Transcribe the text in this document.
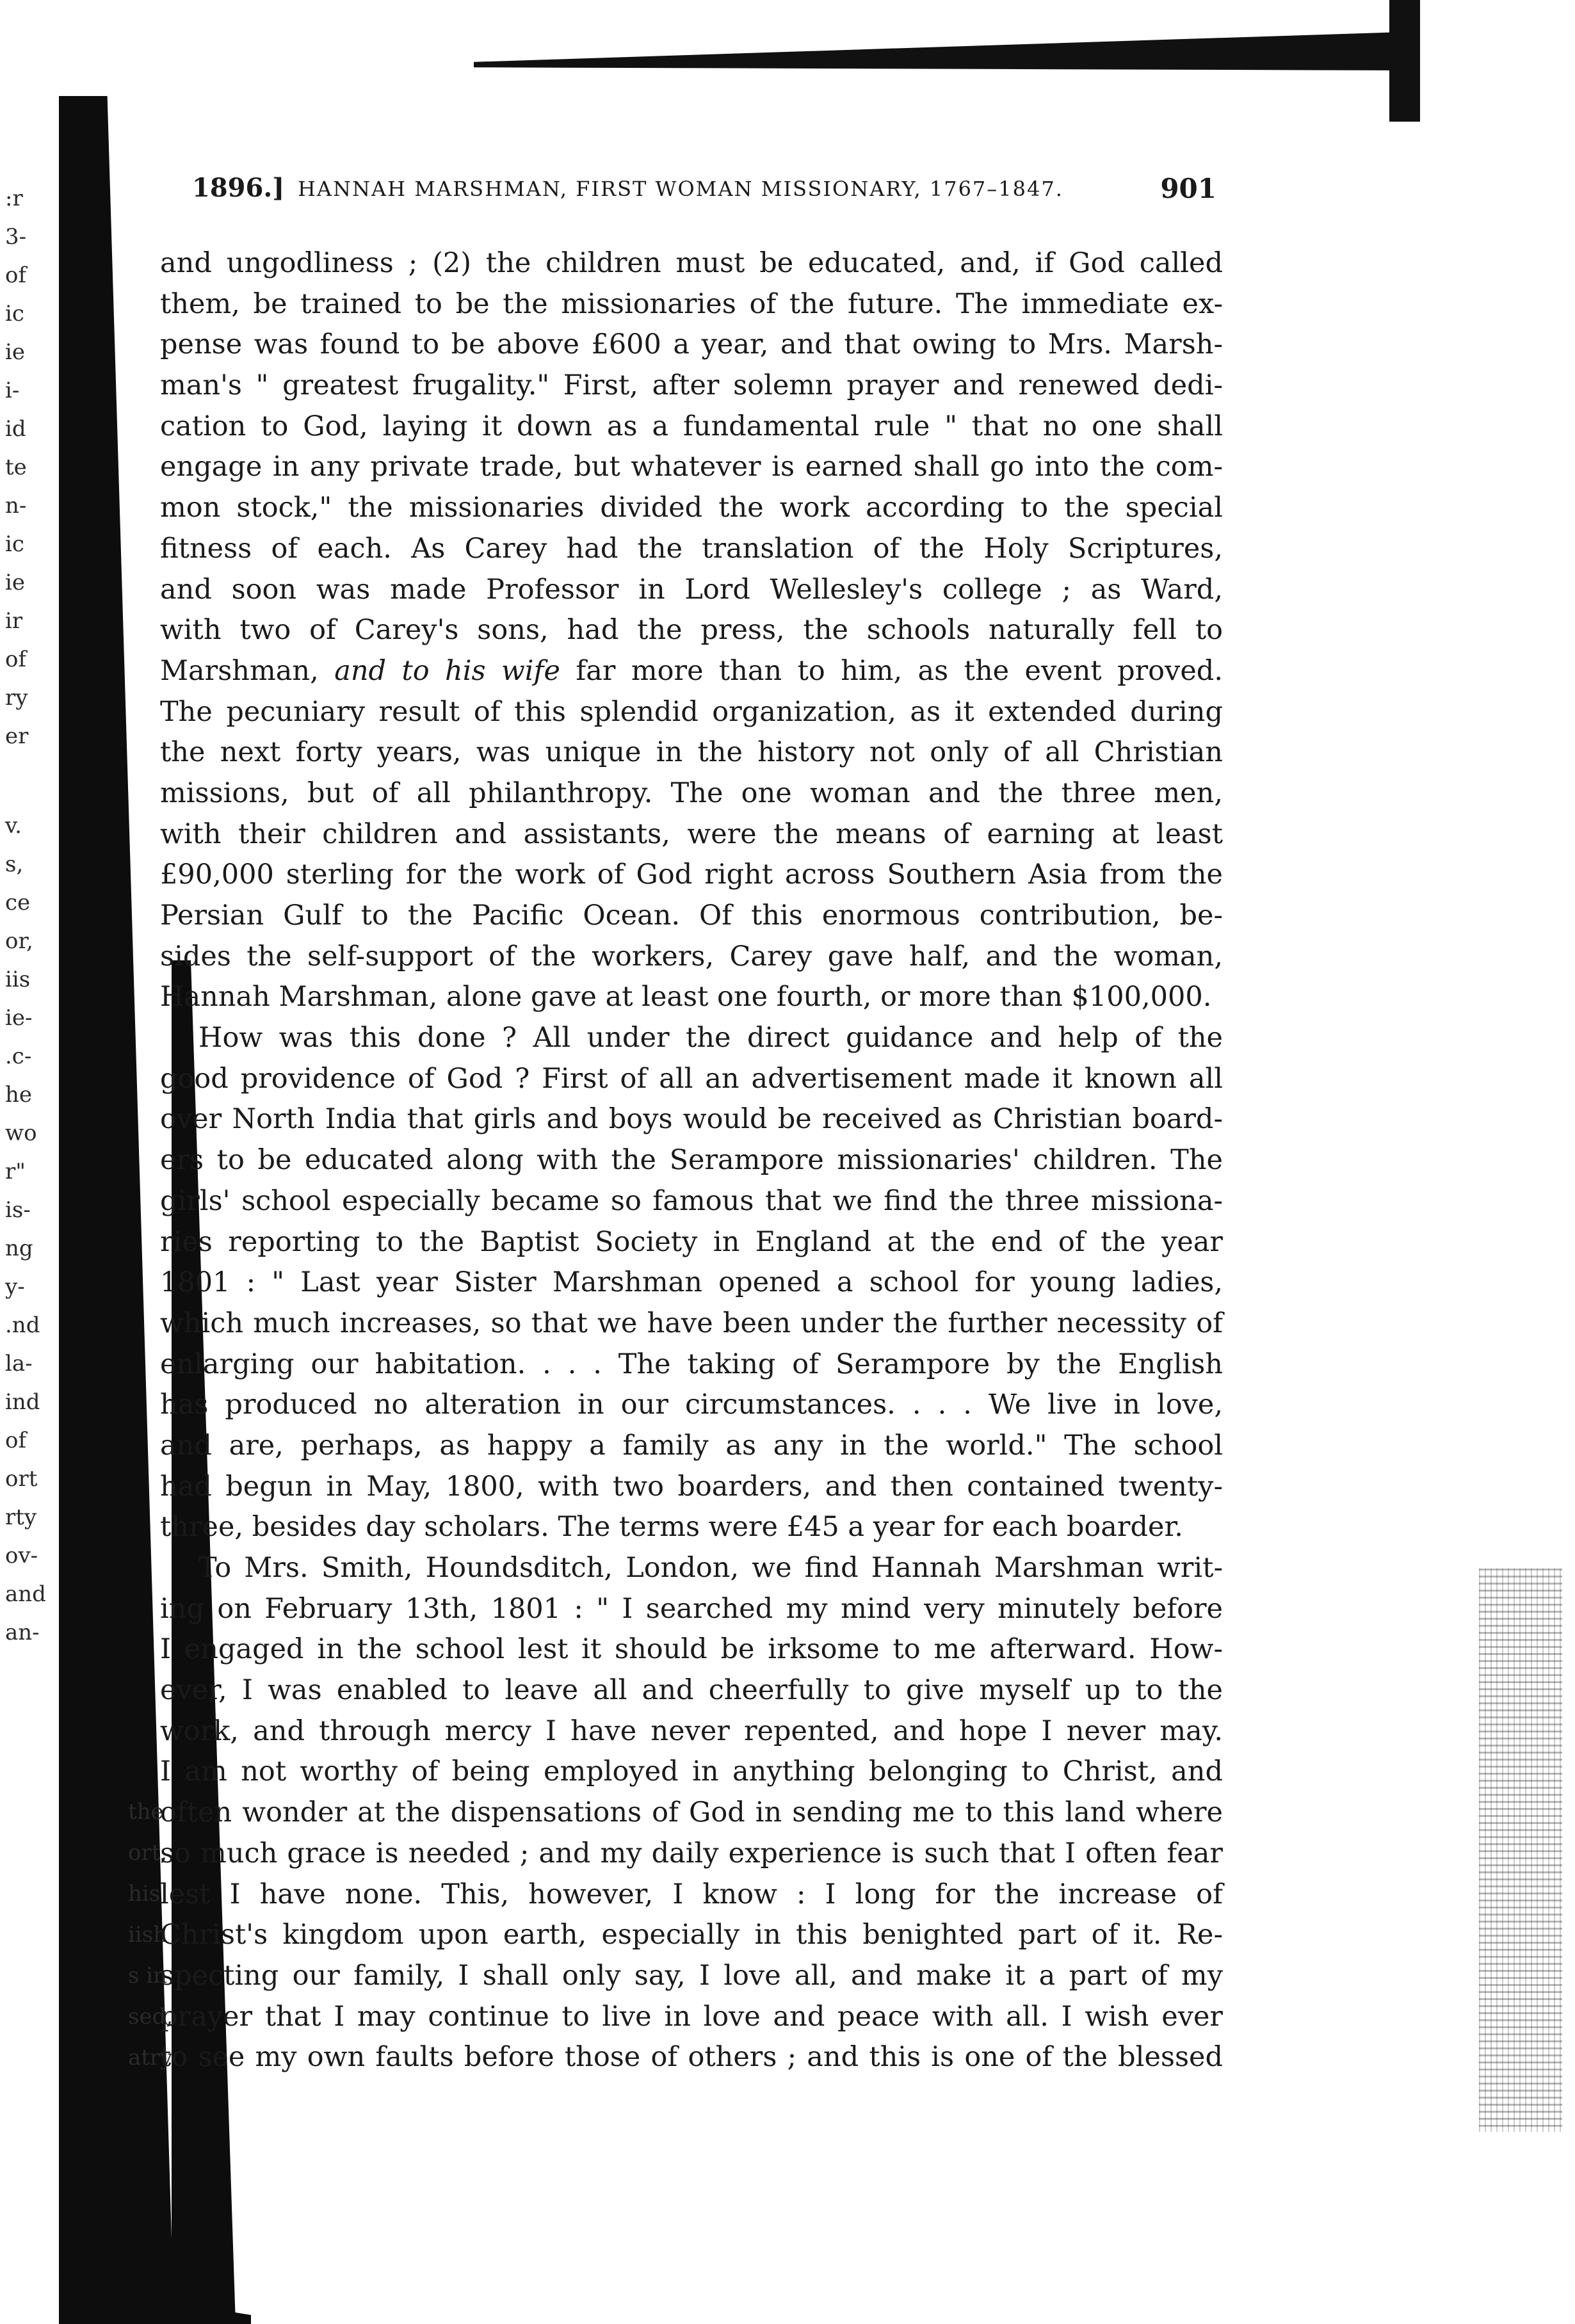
:r
3-
of
ic
ie
i-
id
te
n-
ic
ie
ir
of
ry
er
v.
s,
ce
or,
iis
ie-
.c-
he
wo
r"
is-
ng
y-
.nd
la-
ind
of
ort
rty
ov-
and
an-
the
ort,
his
iish
s in
sed,
atry
1896.] HANNAH MARSHMAN, FIRST WOMAN MISSIONARY, 1767–1847.	901
and ungodliness ; (2) the children must be educated, and, if God called
them, be trained to be the missionaries of the future. The immediate ex-
pense was found to be above £600 a year, and that owing to Mrs. Marsh-
man's " greatest frugality." First, after solemn prayer and renewed dedi-
cation to God, laying it down as a fundamental rule " that no one shall
engage in any private trade, but whatever is earned shall go into the com-
mon stock," the missionaries divided the work according to the special
fitness of each. As Carey had the translation of the Holy Scriptures,
and soon was made Professor in Lord Wellesley's college ; as Ward,
with two of Carey's sons, had the press, the schools naturally fell to
Marshman, and to his wife far more than to him, as the event proved.
The pecuniary result of this splendid organization, as it extended during
the next forty years, was unique in the history not only of all Christian
missions, but of all philanthropy. The one woman and the three men,
with their children and assistants, were the means of earning at least
£90,000 sterling for the work of God right across Southern Asia from the
Persian Gulf to the Pacific Ocean. Of this enormous contribution, be-
sides the self-support of the workers, Carey gave half, and the woman,
Hannah Marshman, alone gave at least one fourth, or more than $100,000.
How was this done ? All under the direct guidance and help of the
good providence of God ? First of all an advertisement made it known all
over North India that girls and boys would be received as Christian board-
ers to be educated along with the Serampore missionaries' children. The
girls' school especially became so famous that we find the three missiona-
ries reporting to the Baptist Society in England at the end of the year
1801 : " Last year Sister Marshman opened a school for young ladies,
which much increases, so that we have been under the further necessity of
enlarging our habitation. . . . The taking of Serampore by the English
has produced no alteration in our circumstances. . . . We live in love,
and are, perhaps, as happy a family as any in the world." The school
had begun in May, 1800, with two boarders, and then contained twenty-
three, besides day scholars. The terms were £45 a year for each boarder.
To Mrs. Smith, Houndsditch, London, we find Hannah Marshman writ-
ing on February 13th, 1801 : " I searched my mind very minutely before
I engaged in the school lest it should be irksome to me afterward. How-
ever, I was enabled to leave all and cheerfully to give myself up to the
work, and through mercy I have never repented, and hope I never may.
I am not worthy of being employed in anything belonging to Christ, and
often wonder at the dispensations of God in sending me to this land where
so much grace is needed ; and my daily experience is such that I often fear
lest I have none. This, however, I know : I long for the increase of
Christ's kingdom upon earth, especially in this benighted part of it. Re-
specting our family, I shall only say, I love all, and make it a part of my
prayer that I may continue to live in love and peace with all. I wish ever
to see my own faults before those of others ; and this is one of the blessed
